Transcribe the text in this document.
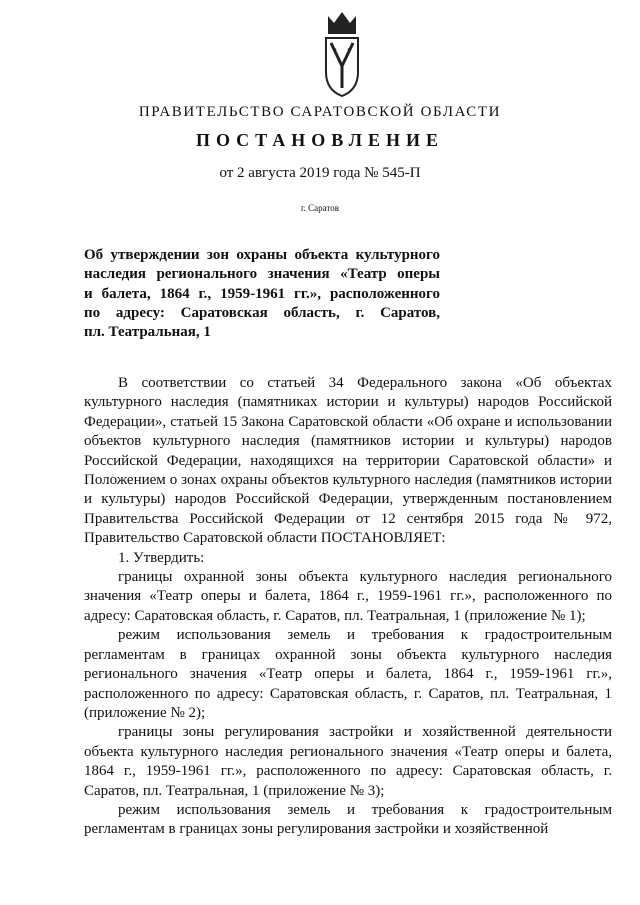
ПРАВИТЕЛЬСТВО САРАТОВСКОЙ ОБЛАСТИ
ПОСТАНОВЛЕНИЕ
от 2 августа 2019 года № 545-П
г. Саратов
Об утверждении зон охраны объекта культурного
наследия регионального значения «Театр оперы
и балета, 1864 г., 1959-1961 гг.», расположенного
по адресу: Саратовская область, г. Саратов,
пл. Театральная, 1

В соответствии со статьей 34 Федерального закона «Об объектах культурного наследия (памятниках истории и культуры) народов Российской Федерации», статьей 15 Закона Саратовской области «Об охране и использовании объектов культурного наследия (памятников истории и культуры) народов Российской Федерации, находящихся на территории Саратовской области» и Положением о зонах охраны объектов культурного наследия (памятников истории и культуры) народов Российской Федерации, утвержденным постановлением Правительства Российской Федерации от 12 сентября 2015 года № 972, Правительство Саратовской области ПОСТАНОВЛЯЕТ:

1. Утвердить:

границы охранной зоны объекта культурного наследия регионального значения «Театр оперы и балета, 1864 г., 1959-1961 гг.», расположенного по адресу: Саратовская область, г. Саратов, пл. Театральная, 1 (приложение № 1);

режим использования земель и требования к градостроительным регламентам в границах охранной зоны объекта культурного наследия регионального значения «Театр оперы и балета, 1864 г., 1959-1961 гг.», расположенного по адресу: Саратовская область, г. Саратов, пл. Театральная, 1 (приложение № 2);

границы зоны регулирования застройки и хозяйственной деятельности объекта культурного наследия регионального значения «Театр оперы и балета, 1864 г., 1959-1961 гг.», расположенного по адресу: Саратовская область, г. Саратов, пл. Театральная, 1 (приложение № 3);

режим использования земель и требования к градостроительным регламентам в границах зоны регулирования застройки и хозяйственной
